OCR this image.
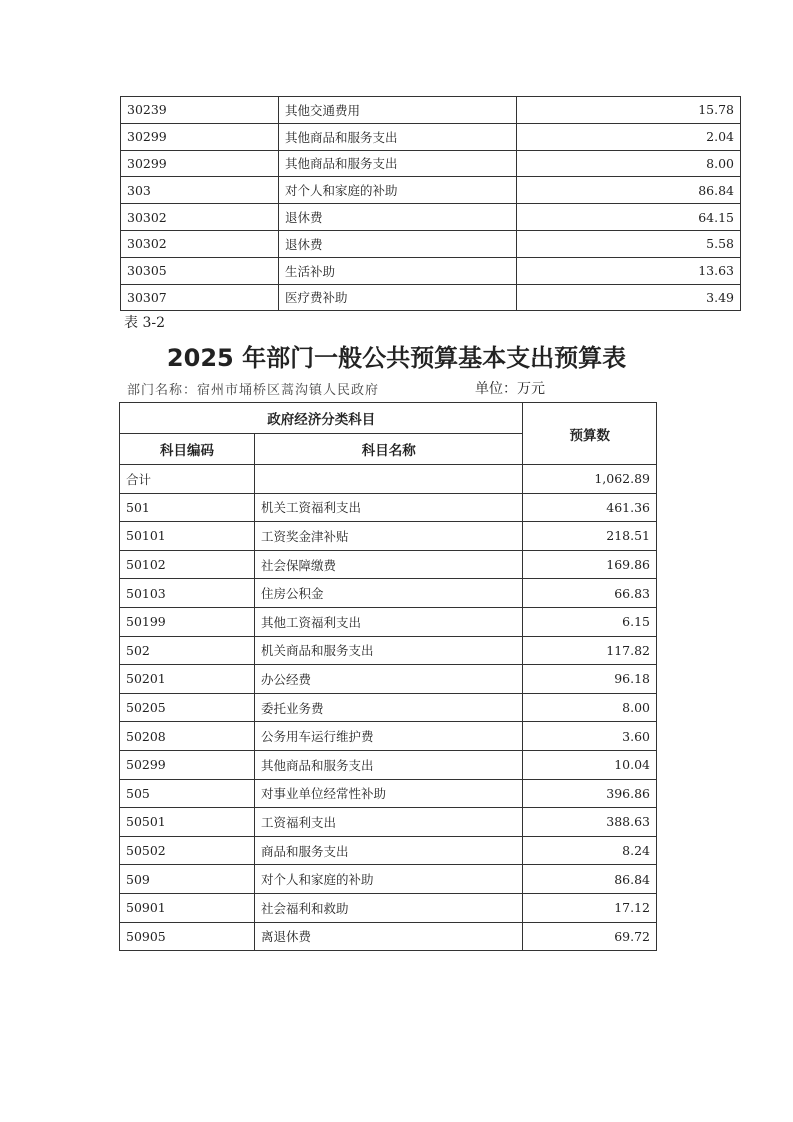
30239	其他交通费用	15.78
30299	其他商品和服务支出	2.04
30299	其他商品和服务支出	8.00
303	对个人和家庭的补助	86.84
30302	退休费	64.15
30302	退休费	5.58
30305	生活补助	13.63
30307	医疗费补助	3.49
表 3-2
2025 年部门一般公共预算基本支出预算表
部门名称：宿州市埇桥区蒿沟镇人民政府	单位：万元
政府经济分类科目		预算数
科目编码	科目名称	
合计		1,062.89
501	机关工资福利支出	461.36
50101	工资奖金津补贴	218.51
50102	社会保障缴费	169.86
50103	住房公积金	66.83
50199	其他工资福利支出	6.15
502	机关商品和服务支出	117.82
50201	办公经费	96.18
50205	委托业务费	8.00
50208	公务用车运行维护费	3.60
50299	其他商品和服务支出	10.04
505	对事业单位经常性补助	396.86
50501	工资福利支出	388.63
50502	商品和服务支出	8.24
509	对个人和家庭的补助	86.84
50901	社会福利和救助	17.12
50905	离退休费	69.72
